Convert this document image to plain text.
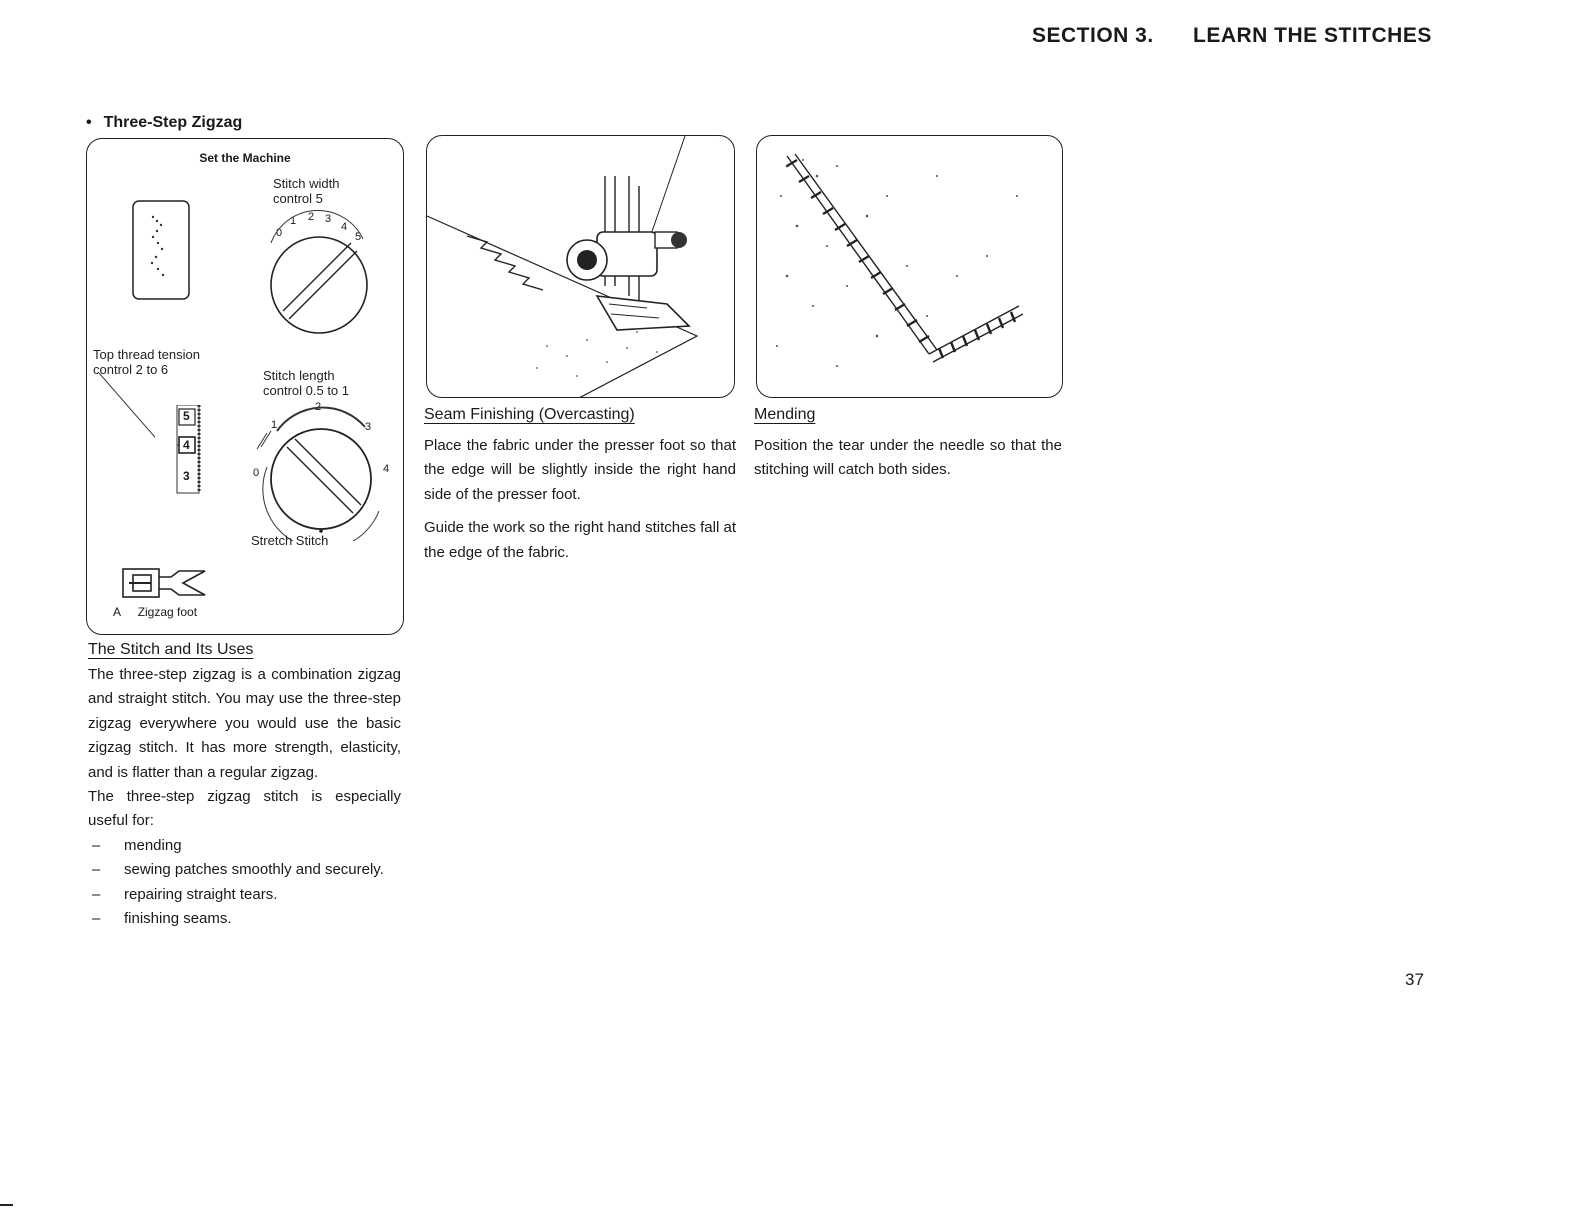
SECTION 3. LEARN THE STITCHES
• Three-Step Zigzag
Set the Machine
Stitch width
control 5
0
1 2 3
4
5
Top thread tension
control 2 to 6
5
4
3
Stitch length
control 0.5 to 1
1
2
3
0	4
Stretch Stitch
A Zigzag foot
Seam Finishing (Overcasting)
Place the fabric under the presser foot so that the edge will be slightly inside the right hand side of the presser foot.
Guide the work so the right hand stitches fall at the edge of the fabric.
Mending
Position the tear under the needle so that the stitching will catch both sides.
The Stitch and Its Uses
The three-step zigzag is a combination zigzag and straight stitch. You may use the three-step zigzag everywhere you would use the basic zigzag stitch. It has more strength, elasticity, and is flatter than a regular zigzag.
The three-step zigzag stitch is especially useful for:
– mending
– sewing patches smoothly and securely.
– repairing straight tears.
– finishing seams.
37
